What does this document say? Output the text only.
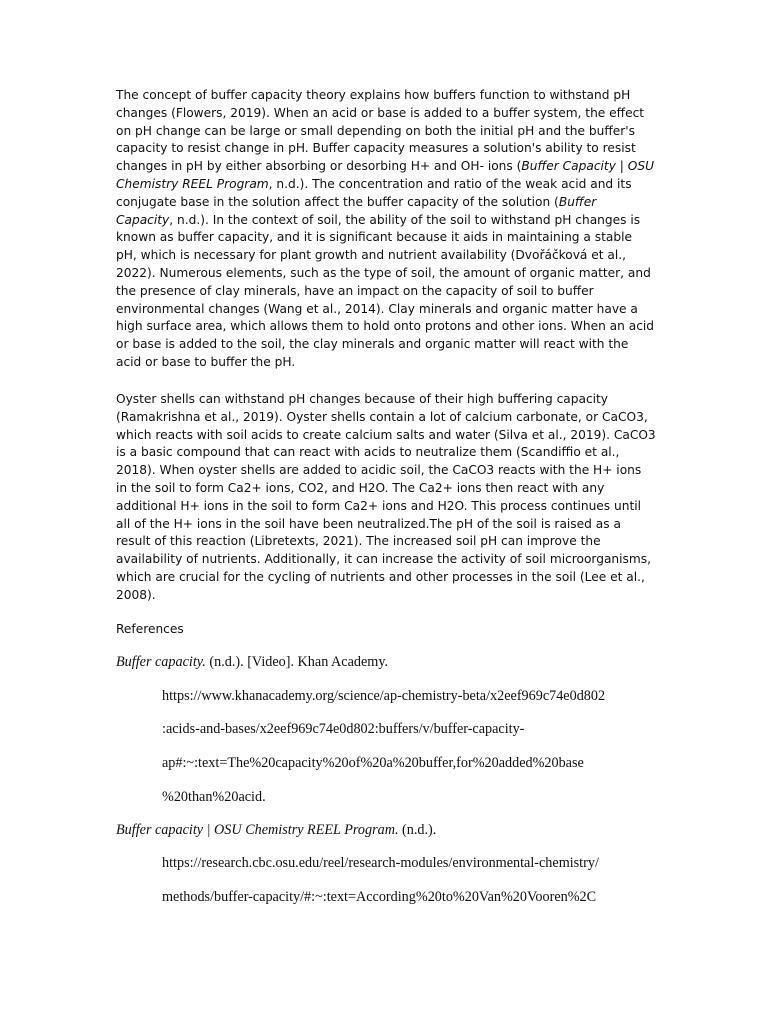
The concept of buffer capacity theory explains how buffers function to withstand pH changes (Flowers, 2019). When an acid or base is added to a buffer system, the effect on pH change can be large or small depending on both the initial pH and the buffer's capacity to resist change in pH. Buffer capacity measures a solution's ability to resist changes in pH by either absorbing or desorbing H+ and OH- ions (Buffer Capacity | OSU Chemistry REEL Program, n.d.). The concentration and ratio of the weak acid and its conjugate base in the solution affect the buffer capacity of the solution (Buffer Capacity, n.d.). In the context of soil, the ability of the soil to withstand pH changes is known as buffer capacity, and it is significant because it aids in maintaining a stable pH, which is necessary for plant growth and nutrient availability (Dvořáčková et al., 2022). Numerous elements, such as the type of soil, the amount of organic matter, and the presence of clay minerals, have an impact on the capacity of soil to buffer environmental changes (Wang et al., 2014). Clay minerals and organic matter have a high surface area, which allows them to hold onto protons and other ions. When an acid or base is added to the soil, the clay minerals and organic matter will react with the acid or base to buffer the pH.

Oyster shells can withstand pH changes because of their high buffering capacity (Ramakrishna et al., 2019). Oyster shells contain a lot of calcium carbonate, or CaCO3, which reacts with soil acids to create calcium salts and water (Silva et al., 2019). CaCO3 is a basic compound that can react with acids to neutralize them (Scandiffio et al., 2018). When oyster shells are added to acidic soil, the CaCO3 reacts with the H+ ions in the soil to form Ca2+ ions, CO2, and H2O. The Ca2+ ions then react with any additional H+ ions in the soil to form Ca2+ ions and H2O. This process continues until all of the H+ ions in the soil have been neutralized.The pH of the soil is raised as a result of this reaction (Libretexts, 2021). The increased soil pH can improve the availability of nutrients. Additionally, it can increase the activity of soil microorganisms, which are crucial for the cycling of nutrients and other processes in the soil (Lee et al., 2008).

References

Buffer capacity. (n.d.). [Video]. Khan Academy.
https://www.khanacademy.org/science/ap-chemistry-beta/x2eef969c74e0d802
:acids-and-bases/x2eef969c74e0d802:buffers/v/buffer-capacity-
ap#:~:text=The%20capacity%20of%20a%20buffer,for%20added%20base
%20than%20acid.
Buffer capacity | OSU Chemistry REEL Program. (n.d.).
https://research.cbc.osu.edu/reel/research-modules/environmental-chemistry/
methods/buffer-capacity/#:~:text=According%20to%20Van%20Vooren%2C
